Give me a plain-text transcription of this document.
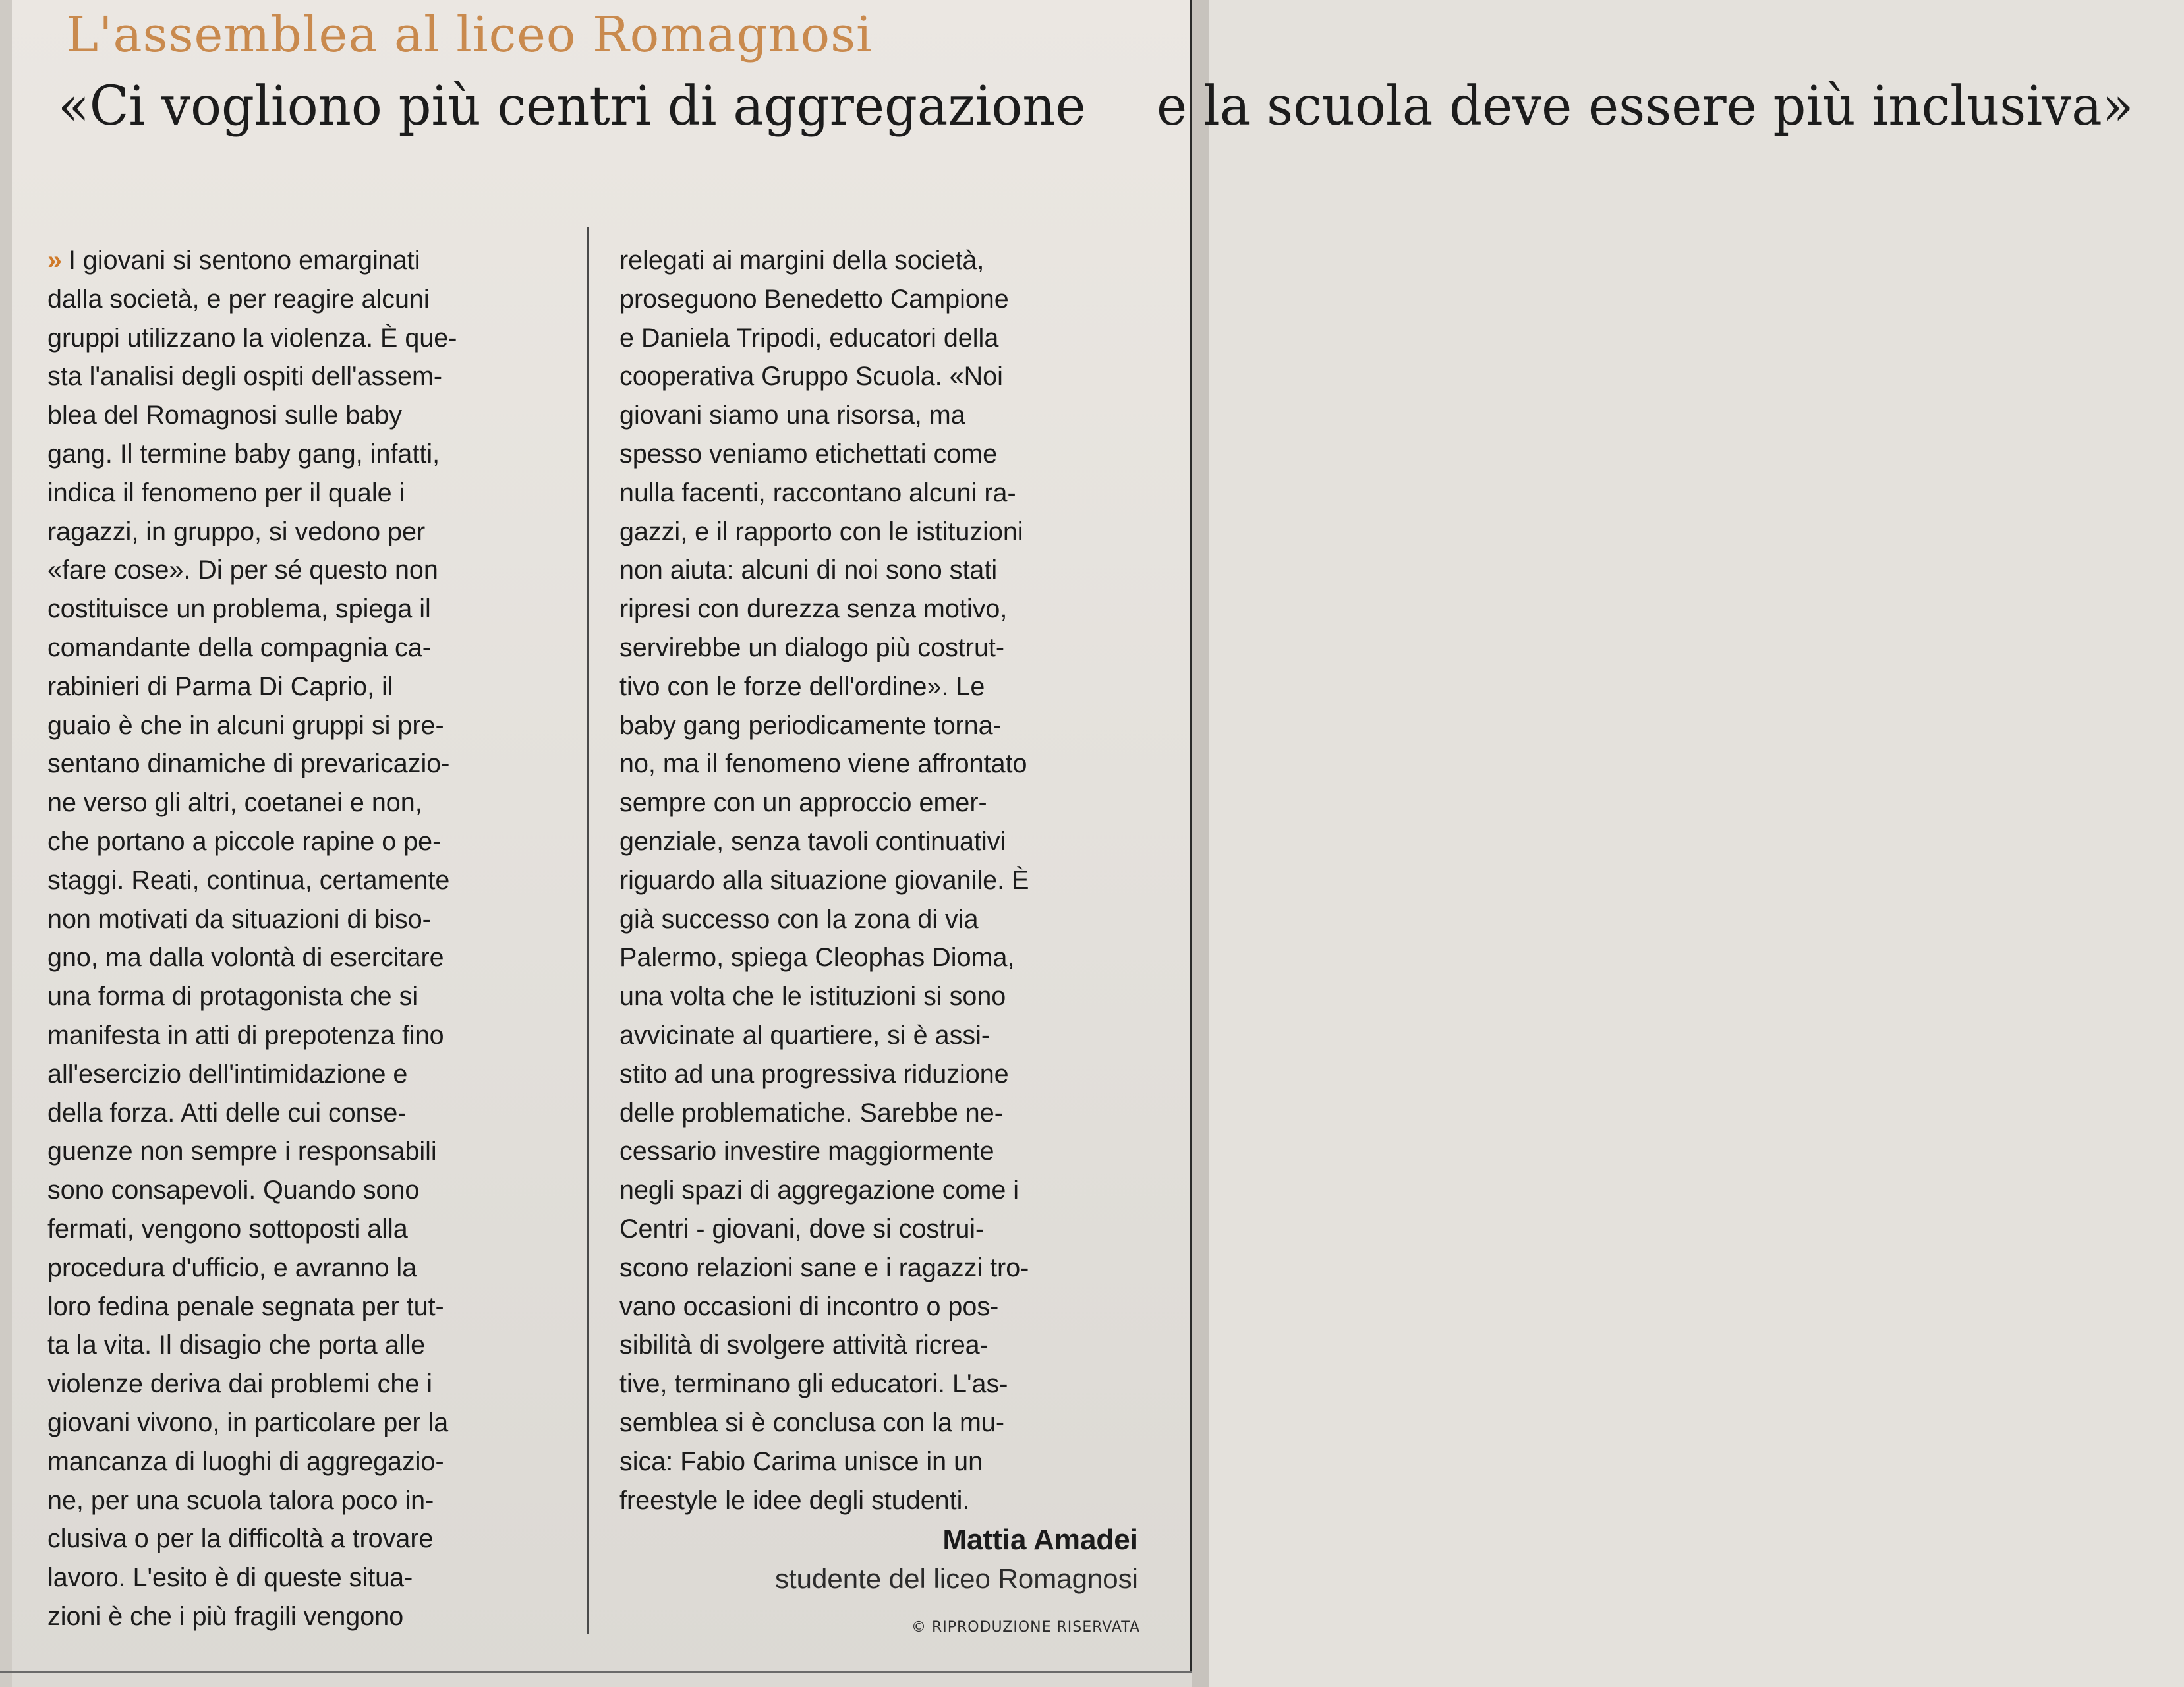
L'assemblea al liceo Romagnosi
«Ci vogliono più centri di aggregazione e la scuola deve essere più inclusiva»
» I giovani si sentono emarginati
dalla società, e per reagire alcuni
gruppi utilizzano la violenza. È que-
sta l'analisi degli ospiti dell'assem-
blea del Romagnosi sulle baby
gang. Il termine baby gang, infatti,
indica il fenomeno per il quale i
ragazzi, in gruppo, si vedono per
«fare cose». Di per sé questo non
costituisce un problema, spiega il
comandante della compagnia ca-
rabinieri di Parma Di Caprio, il
guaio è che in alcuni gruppi si pre-
sentano dinamiche di prevaricazio-
ne verso gli altri, coetanei e non,
che portano a piccole rapine o pe-
staggi. Reati, continua, certamente
non motivati da situazioni di biso-
gno, ma dalla volontà di esercitare
una forma di protagonista che si
manifesta in atti di prepotenza fino
all'esercizio dell'intimidazione e
della forza. Atti delle cui conse-
guenze non sempre i responsabili
sono consapevoli. Quando sono
fermati, vengono sottoposti alla
procedura d'ufficio, e avranno la
loro fedina penale segnata per tut-
ta la vita. Il disagio che porta alle
violenze deriva dai problemi che i
giovani vivono, in particolare per la
mancanza di luoghi di aggregazio-
ne, per una scuola talora poco in-
clusiva o per la difficoltà a trovare
lavoro. L'esito è di queste situa-
zioni è che i più fragili vengono
relegati ai margini della società,
proseguono Benedetto Campione
e Daniela Tripodi, educatori della
cooperativa Gruppo Scuola. «Noi
giovani siamo una risorsa, ma
spesso veniamo etichettati come
nulla facenti, raccontano alcuni ra-
gazzi, e il rapporto con le istituzioni
non aiuta: alcuni di noi sono stati
ripresi con durezza senza motivo,
servirebbe un dialogo più costrut-
tivo con le forze dell'ordine». Le
baby gang periodicamente torna-
no, ma il fenomeno viene affrontato
sempre con un approccio emer-
genziale, senza tavoli continuativi
riguardo alla situazione giovanile. È
già successo con la zona di via
Palermo, spiega Cleophas Dioma,
una volta che le istituzioni si sono
avvicinate al quartiere, si è assi-
stito ad una progressiva riduzione
delle problematiche. Sarebbe ne-
cessario investire maggiormente
negli spazi di aggregazione come i
Centri - giovani, dove si costrui-
scono relazioni sane e i ragazzi tro-
vano occasioni di incontro o pos-
sibilità di svolgere attività ricrea-
tive, terminano gli educatori. L'as-
semblea si è conclusa con la mu-
sica: Fabio Carima unisce in un
freestyle le idee degli studenti.
Mattia Amadei
studente del liceo Romagnosi
© RIPRODUZIONE RISERVATA
